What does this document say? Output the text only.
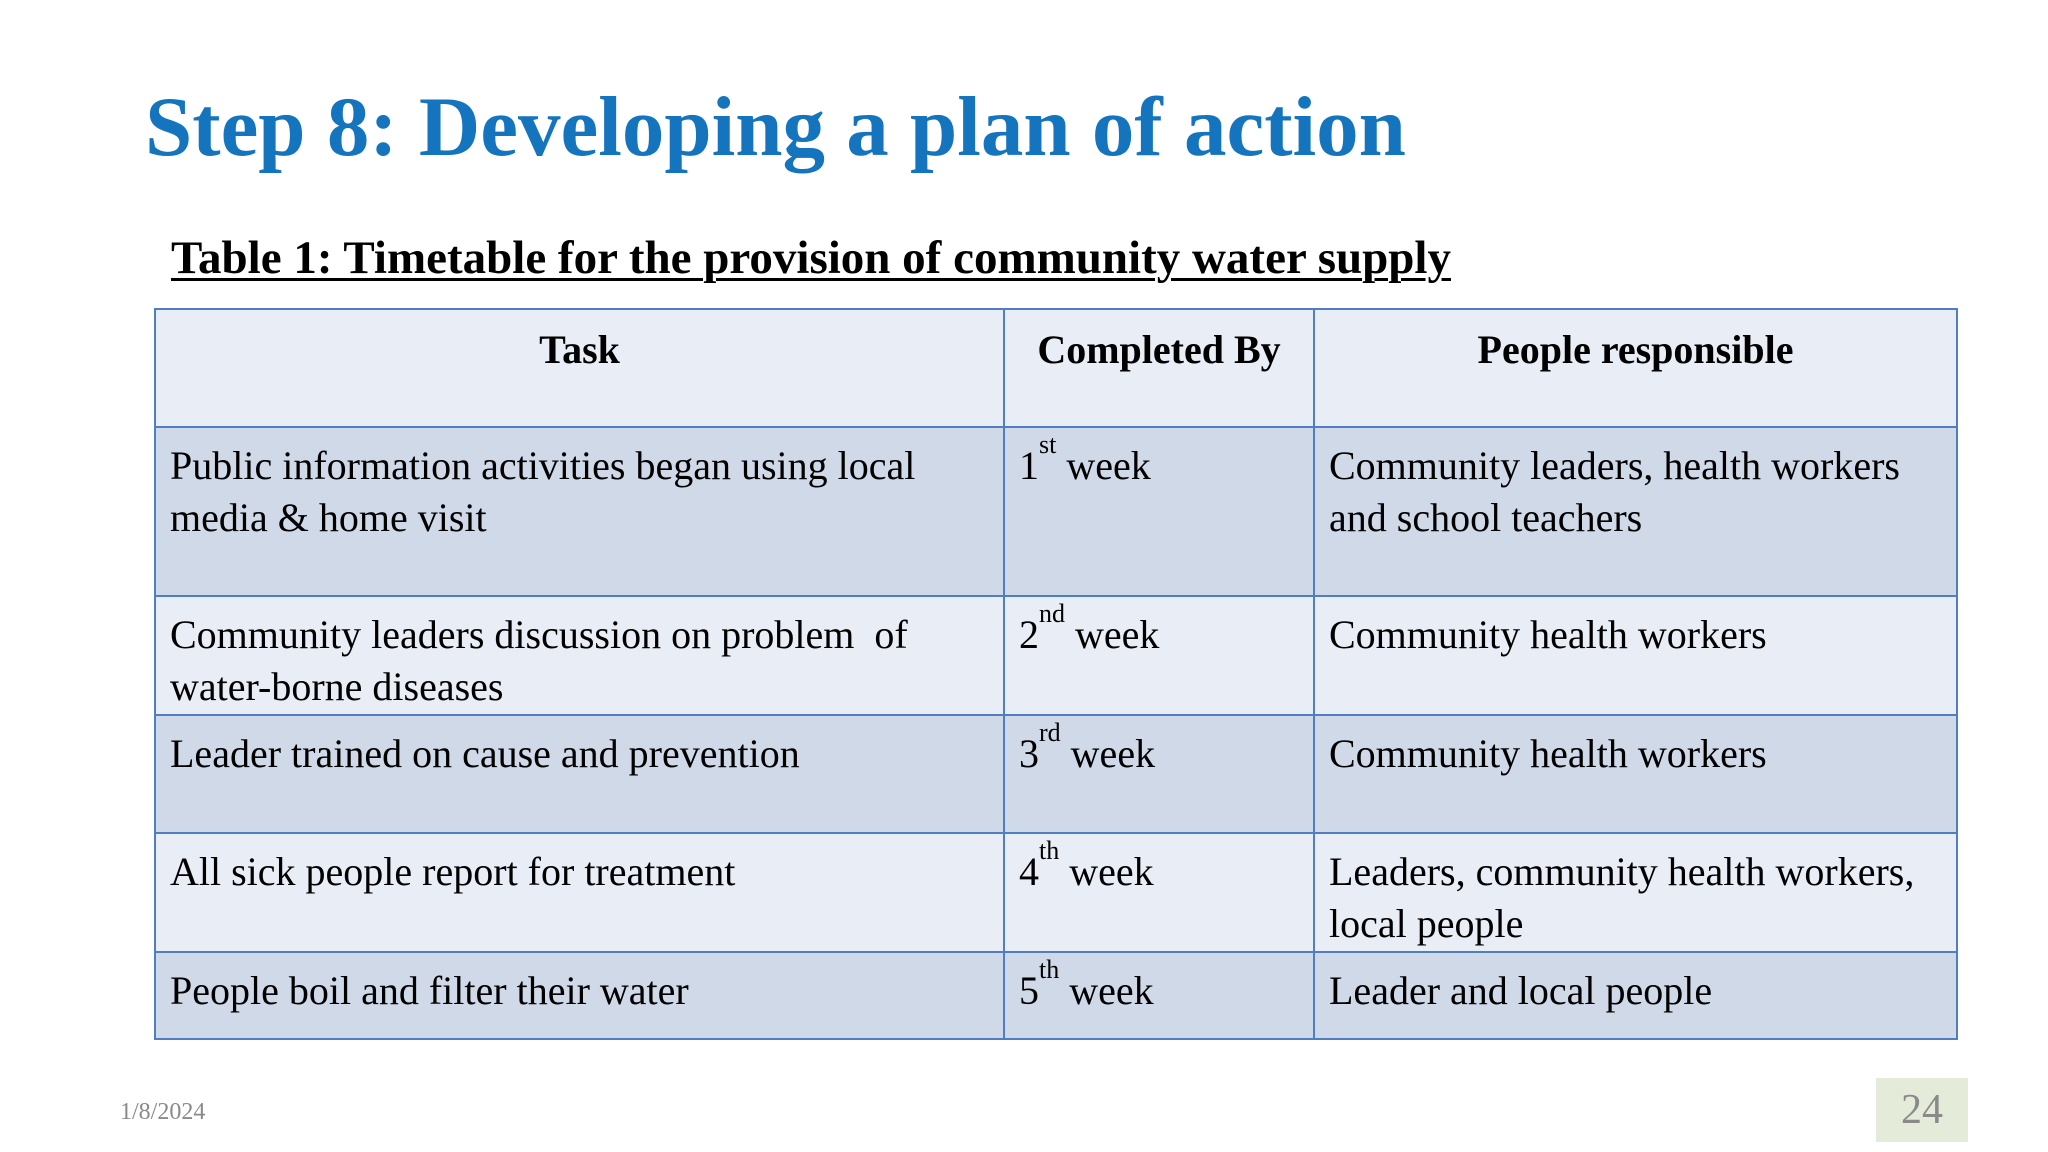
Step 8: Developing a plan of action

Table 1: Timetable for the provision of community water supply

Task	Completed By	People responsible
Public information activities began using local media & home visit	1st week	Community leaders, health workers and school teachers
Community leaders discussion on problem  of water-borne diseases	2nd week	Community health workers
Leader trained on cause and prevention	3rd week	Community health workers
All sick people report for treatment	4th week	Leaders, community health workers, local people
People boil and filter their water	5th week	Leader and local people
1/8/2024	24
